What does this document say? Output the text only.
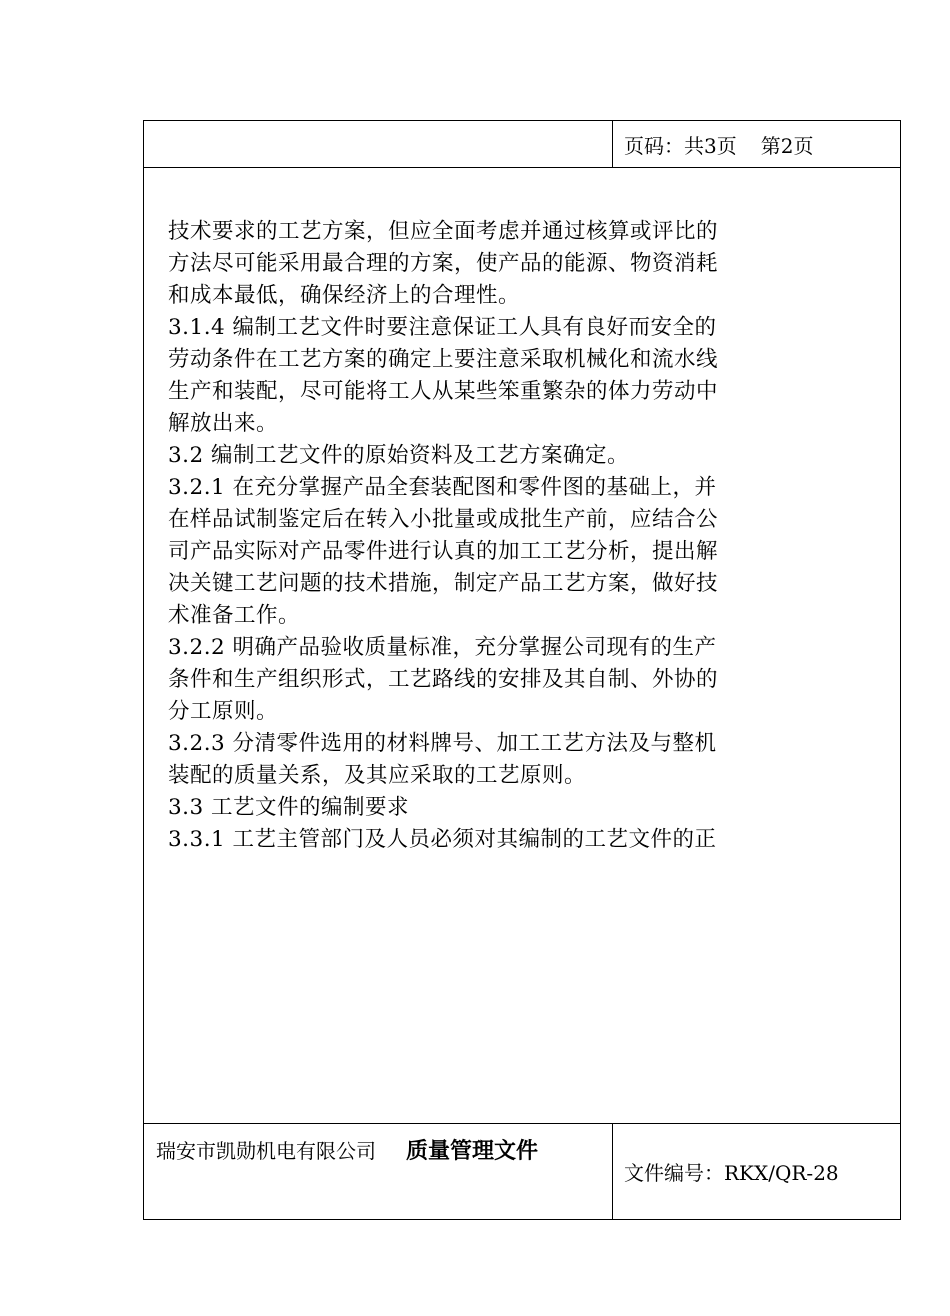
页码：共3页 第2页

技术要求的工艺方案，但应全面考虑并通过核算或评比的

方法尽可能采用最合理的方案，使产品的能源、物资消耗

和成本最低，确保经济上的合理性。

3.1.4 编制工艺文件时要注意保证工人具有良好而安全的

劳动条件在工艺方案的确定上要注意采取机械化和流水线

生产和装配，尽可能将工人从某些笨重繁杂的体力劳动中

解放出来。

3.2 编制工艺文件的原始资料及工艺方案确定。

3.2.1 在充分掌握产品全套装配图和零件图的基础上，并

在样品试制鉴定后在转入小批量或成批生产前，应结合公

司产品实际对产品零件进行认真的加工工艺分析，提出解

决关键工艺问题的技术措施，制定产品工艺方案，做好技

术准备工作。

3.2.2 明确产品验收质量标准，充分掌握公司现有的生产

条件和生产组织形式，工艺路线的安排及其自制、外协的

分工原则。

3.2.3 分清零件选用的材料牌号、加工工艺方法及与整机

装配的质量关系，及其应采取的工艺原则。

3.3 工艺文件的编制要求

3.3.1 工艺主管部门及人员必须对其编制的工艺文件的正

瑞安市凯勋机电有限公司 质量管理文件
文件编号：RKX/QR-28
